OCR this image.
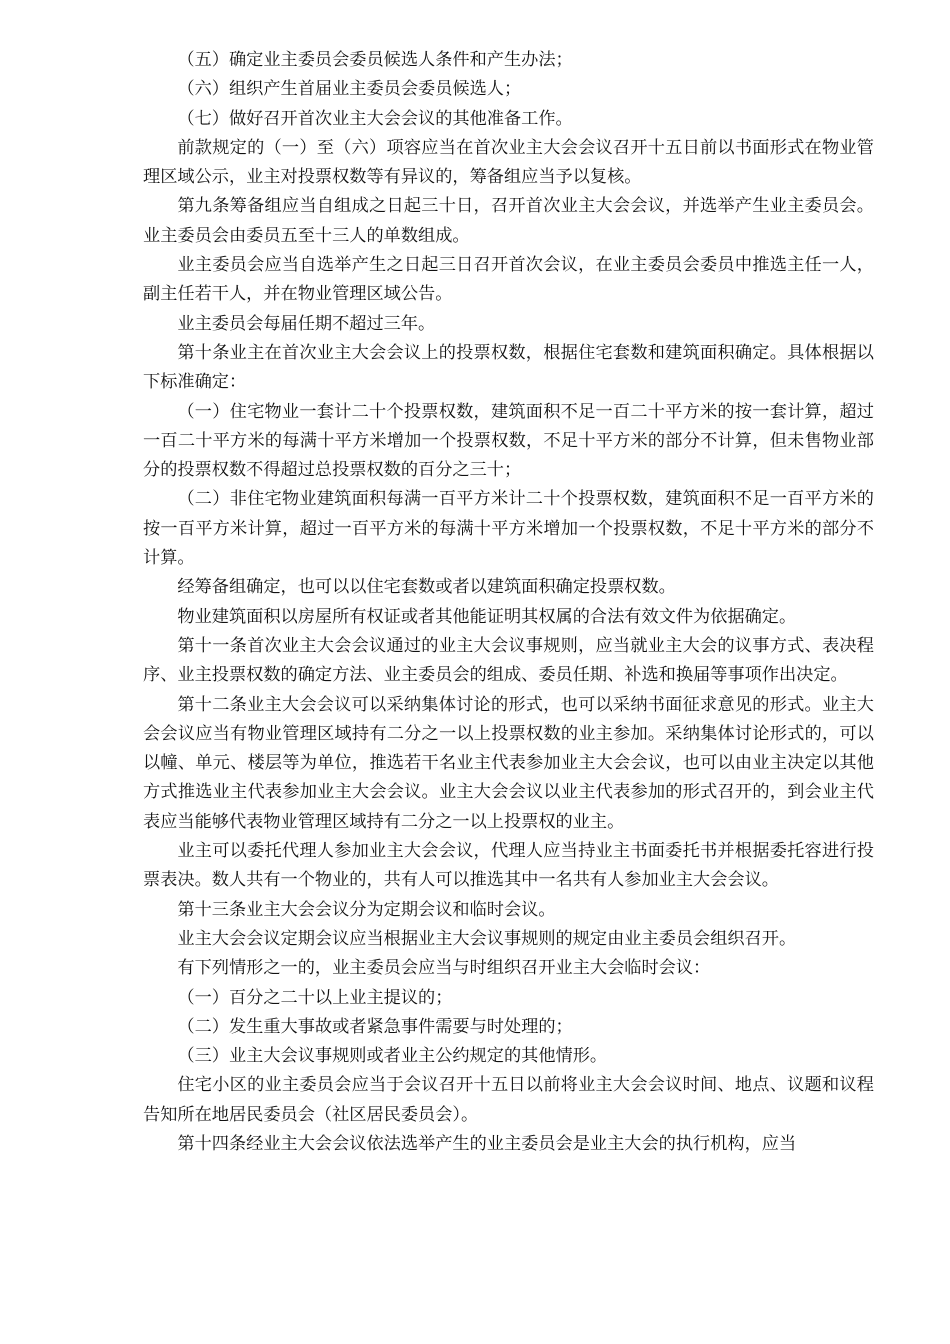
（五）确定业主委员会委员候选人条件和产生办法；

（六）组织产生首届业主委员会委员候选人；

（七）做好召开首次业主大会会议的其他准备工作。

前款规定的（一）至（六）项容应当在首次业主大会会议召开十五日前以书面形式在物业管理区域公示，业主对投票权数等有异议的，筹备组应当予以复核。

第九条筹备组应当自组成之日起三十日，召开首次业主大会会议，并选举产生业主委员会。业主委员会由委员五至十三人的单数组成。

业主委员会应当自选举产生之日起三日召开首次会议，在业主委员会委员中推选主任一人，副主任若干人，并在物业管理区域公告。

业主委员会每届任期不超过三年。

第十条业主在首次业主大会会议上的投票权数，根据住宅套数和建筑面积确定。具体根据以下标准确定：

（一）住宅物业一套计二十个投票权数，建筑面积不足一百二十平方米的按一套计算，超过一百二十平方米的每满十平方米增加一个投票权数，不足十平方米的部分不计算，但未售物业部分的投票权数不得超过总投票权数的百分之三十；

（二）非住宅物业建筑面积每满一百平方米计二十个投票权数，建筑面积不足一百平方米的按一百平方米计算，超过一百平方米的每满十平方米增加一个投票权数，不足十平方米的部分不计算。

经筹备组确定，也可以以住宅套数或者以建筑面积确定投票权数。

物业建筑面积以房屋所有权证或者其他能证明其权属的合法有效文件为依据确定。

第十一条首次业主大会会议通过的业主大会议事规则，应当就业主大会的议事方式、表决程序、业主投票权数的确定方法、业主委员会的组成、委员任期、补选和换届等事项作出决定。

第十二条业主大会会议可以采纳集体讨论的形式，也可以采纳书面征求意见的形式。业主大会会议应当有物业管理区域持有二分之一以上投票权数的业主参加。采纳集体讨论形式的，可以以幢、单元、楼层等为单位，推选若干名业主代表参加业主大会会议，也可以由业主决定以其他方式推选业主代表参加业主大会会议。业主大会会议以业主代表参加的形式召开的，到会业主代表应当能够代表物业管理区域持有二分之一以上投票权的业主。

业主可以委托代理人参加业主大会会议，代理人应当持业主书面委托书并根据委托容进行投票表决。数人共有一个物业的，共有人可以推选其中一名共有人参加业主大会会议。

第十三条业主大会会议分为定期会议和临时会议。

业主大会会议定期会议应当根据业主大会议事规则的规定由业主委员会组织召开。

有下列情形之一的，业主委员会应当与时组织召开业主大会临时会议：

（一）百分之二十以上业主提议的；

（二）发生重大事故或者紧急事件需要与时处理的；

（三）业主大会议事规则或者业主公约规定的其他情形。

住宅小区的业主委员会应当于会议召开十五日以前将业主大会会议时间、地点、议题和议程告知所在地居民委员会（社区居民委员会）。

第十四条经业主大会会议依法选举产生的业主委员会是业主大会的执行机构，应当
